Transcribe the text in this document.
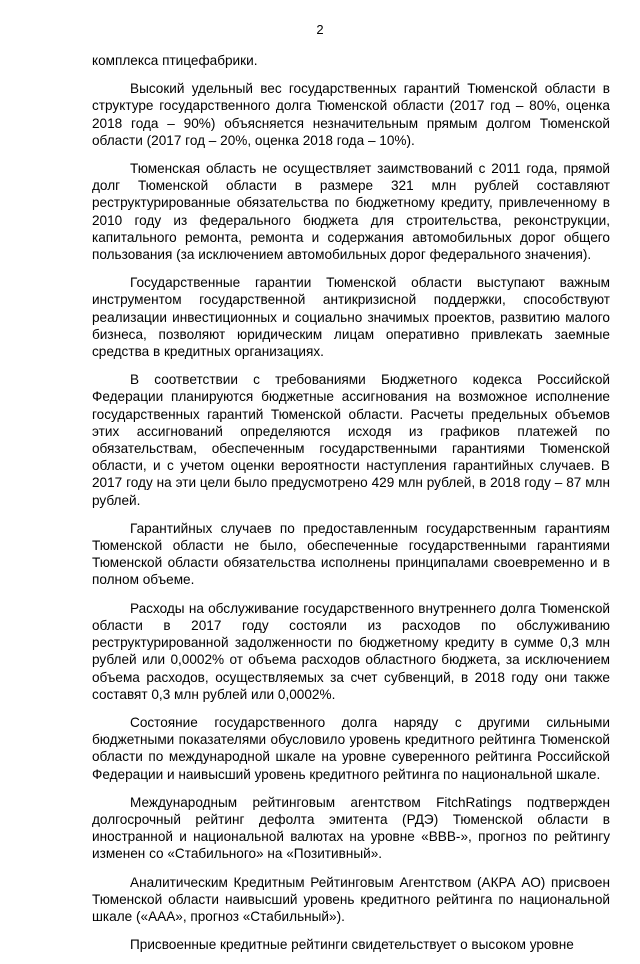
2

комплекса птицефабрики.

Высокий удельный вес государственных гарантий Тюменской области в структуре государственного долга Тюменской области (2017 год – 80%, оценка 2018 года – 90%) объясняется незначительным прямым долгом Тюменской области (2017 год – 20%, оценка 2018 года – 10%).

Тюменская область не осуществляет заимствований с 2011 года, прямой долг Тюменской области в размере 321 млн рублей составляют реструктурированные обязательства по бюджетному кредиту, привлеченному в 2010 году из федерального бюджета для строительства, реконструкции, капитального ремонта, ремонта и содержания автомобильных дорог общего пользования (за исключением автомобильных дорог федерального значения).

Государственные гарантии Тюменской области выступают важным инструментом государственной антикризисной поддержки, способствуют реализации инвестиционных и социально значимых проектов, развитию малого бизнеса, позволяют юридическим лицам оперативно привлекать заемные средства в кредитных организациях.

В соответствии с требованиями Бюджетного кодекса Российской Федерации планируются бюджетные ассигнования на возможное исполнение государственных гарантий Тюменской области. Расчеты предельных объемов этих ассигнований определяются исходя из графиков платежей по обязательствам, обеспеченным государственными гарантиями Тюменской области, и с учетом оценки вероятности наступления гарантийных случаев. В 2017 году на эти цели было предусмотрено 429 млн рублей, в 2018 году – 87 млн рублей.

Гарантийных случаев по предоставленным государственным гарантиям Тюменской области не было, обеспеченные государственными гарантиями Тюменской области обязательства исполнены принципалами своевременно и в полном объеме.

Расходы на обслуживание государственного внутреннего долга Тюменской области в 2017 году состояли из расходов по обслуживанию реструктурированной задолженности по бюджетному кредиту в сумме 0,3 млн рублей или 0,0002% от объема расходов областного бюджета, за исключением объема расходов, осуществляемых за счет субвенций, в 2018 году они также составят 0,3 млн рублей или 0,0002%.

Состояние государственного долга наряду с другими сильными бюджетными показателями обусловило уровень кредитного рейтинга Тюменской области по международной шкале на уровне суверенного рейтинга Российской Федерации и наивысший уровень кредитного рейтинга по национальной шкале.

Международным рейтинговым агентством FitchRatings подтвержден долгосрочный рейтинг дефолта эмитента (РДЭ) Тюменской области в иностранной и национальной валютах на уровне «BBB-», прогноз по рейтингу изменен со «Стабильного» на «Позитивный».

Аналитическим Кредитным Рейтинговым Агентством (АКРА АО) присвоен Тюменской области наивысший уровень кредитного рейтинга по национальной шкале («AAA», прогноз «Стабильный»).

Присвоенные кредитные рейтинги свидетельствует о высоком уровне
